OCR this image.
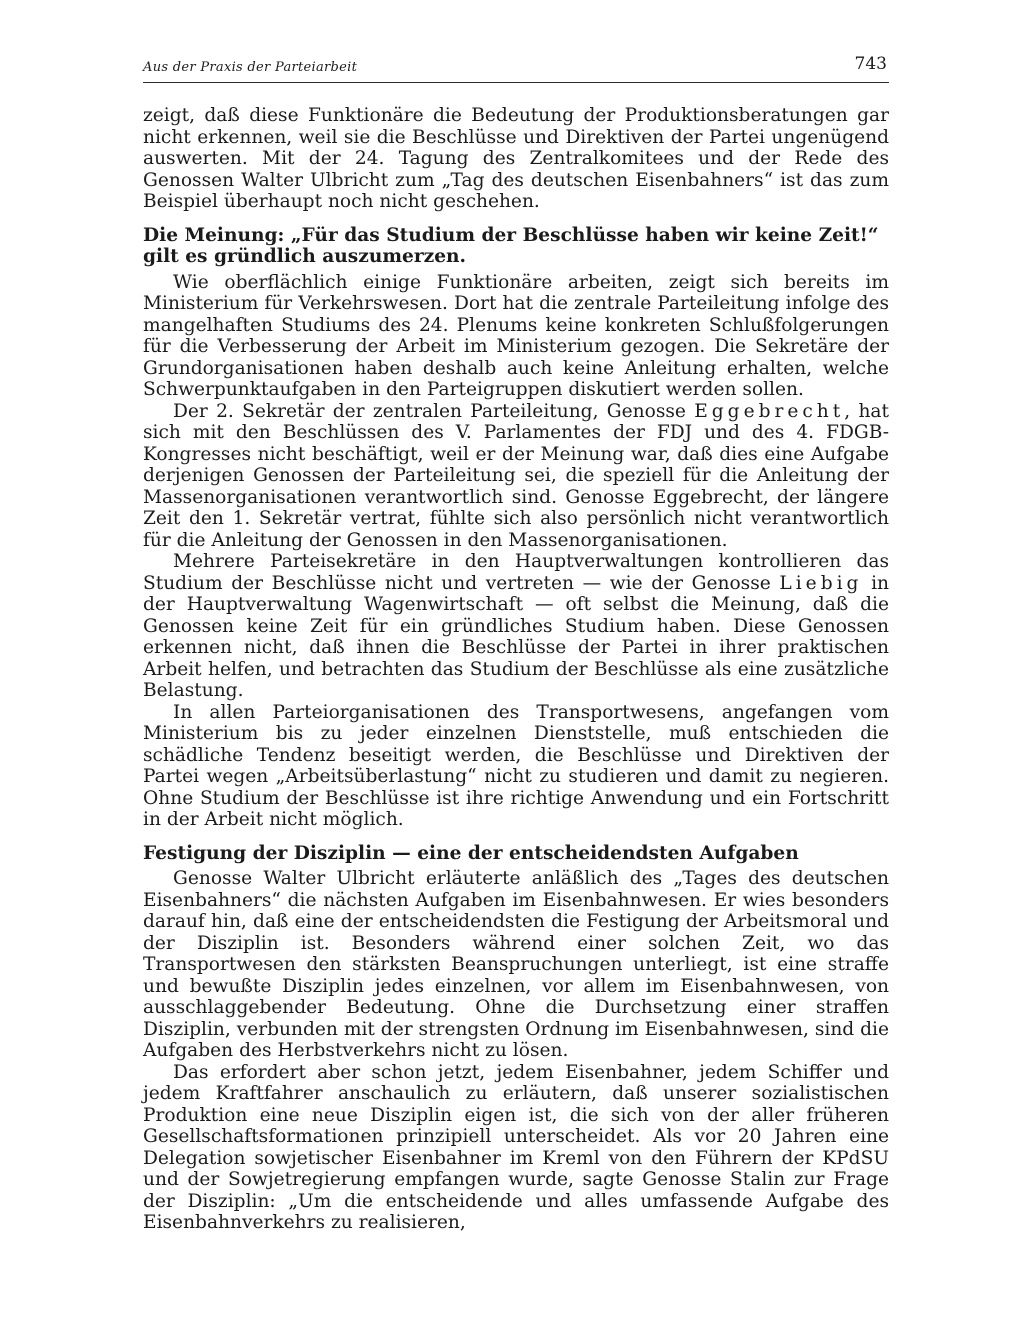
Aus der Praxis der Parteiarbeit	743

zeigt, daß diese Funktionäre die Bedeutung der Produktionsberatungen gar nicht erkennen, weil sie die Beschlüsse und Direktiven der Partei ungenügend auswerten. Mit der 24. Tagung des Zentralkomitees und der Rede des Genossen Walter Ulbricht zum „Tag des deutschen Eisenbahners“ ist das zum Beispiel überhaupt noch nicht geschehen.

Die Meinung: „Für das Studium der Beschlüsse haben wir keine Zeit!“ gilt es gründlich auszumerzen.

Wie oberflächlich einige Funktionäre arbeiten, zeigt sich bereits im Ministerium für Verkehrswesen. Dort hat die zentrale Parteileitung infolge des mangelhaften Studiums des 24. Plenums keine konkreten Schlußfolgerungen für die Verbesserung der Arbeit im Ministerium gezogen. Die Sekretäre der Grundorganisationen haben deshalb auch keine Anleitung erhalten, welche Schwerpunktaufgaben in den Parteigruppen diskutiert werden sollen.

Der 2. Sekretär der zentralen Parteileitung, Genosse Eggebrecht, hat sich mit den Beschlüssen des V. Parlamentes der FDJ und des 4. FDGB-Kongresses nicht beschäftigt, weil er der Meinung war, daß dies eine Aufgabe derjenigen Genossen der Parteileitung sei, die speziell für die Anleitung der Massenorganisationen verantwortlich sind. Genosse Eggebrecht, der längere Zeit den 1. Sekretär vertrat, fühlte sich also persönlich nicht verantwortlich für die Anleitung der Genossen in den Massenorganisationen.

Mehrere Parteisekretäre in den Hauptverwaltungen kontrollieren das Studium der Beschlüsse nicht und vertreten — wie der Genosse Liebig in der Hauptverwaltung Wagenwirtschaft — oft selbst die Meinung, daß die Genossen keine Zeit für ein gründliches Studium haben. Diese Genossen erkennen nicht, daß ihnen die Beschlüsse der Partei in ihrer praktischen Arbeit helfen, und betrachten das Studium der Beschlüsse als eine zusätzliche Belastung.

In allen Parteiorganisationen des Transportwesens, angefangen vom Ministerium bis zu jeder einzelnen Dienststelle, muß entschieden die schädliche Tendenz beseitigt werden, die Beschlüsse und Direktiven der Partei wegen „Arbeitsüberlastung“ nicht zu studieren und damit zu negieren. Ohne Studium der Beschlüsse ist ihre richtige Anwendung und ein Fortschritt in der Arbeit nicht möglich.

Festigung der Disziplin — eine der entscheidendsten Aufgaben

Genosse Walter Ulbricht erläuterte anläßlich des „Tages des deutschen Eisenbahners“ die nächsten Aufgaben im Eisenbahnwesen. Er wies besonders darauf hin, daß eine der entscheidendsten die Festigung der Arbeitsmoral und der Disziplin ist. Besonders während einer solchen Zeit, wo das Transportwesen den stärksten Beanspruchungen unterliegt, ist eine straffe und bewußte Disziplin jedes einzelnen, vor allem im Eisenbahnwesen, von ausschlaggebender Bedeutung. Ohne die Durchsetzung einer straffen Disziplin, verbunden mit der strengsten Ordnung im Eisenbahnwesen, sind die Aufgaben des Herbstverkehrs nicht zu lösen.

Das erfordert aber schon jetzt, jedem Eisenbahner, jedem Schiffer und jedem Kraftfahrer anschaulich zu erläutern, daß unserer sozialistischen Produktion eine neue Disziplin eigen ist, die sich von der aller früheren Gesellschaftsformationen prinzipiell unterscheidet. Als vor 20 Jahren eine Delegation sowjetischer Eisenbahner im Kreml von den Führern der KPdSU und der Sowjetregierung empfangen wurde, sagte Genosse Stalin zur Frage der Disziplin: „Um die entscheidende und alles umfassende Aufgabe des Eisenbahnverkehrs zu realisieren,
